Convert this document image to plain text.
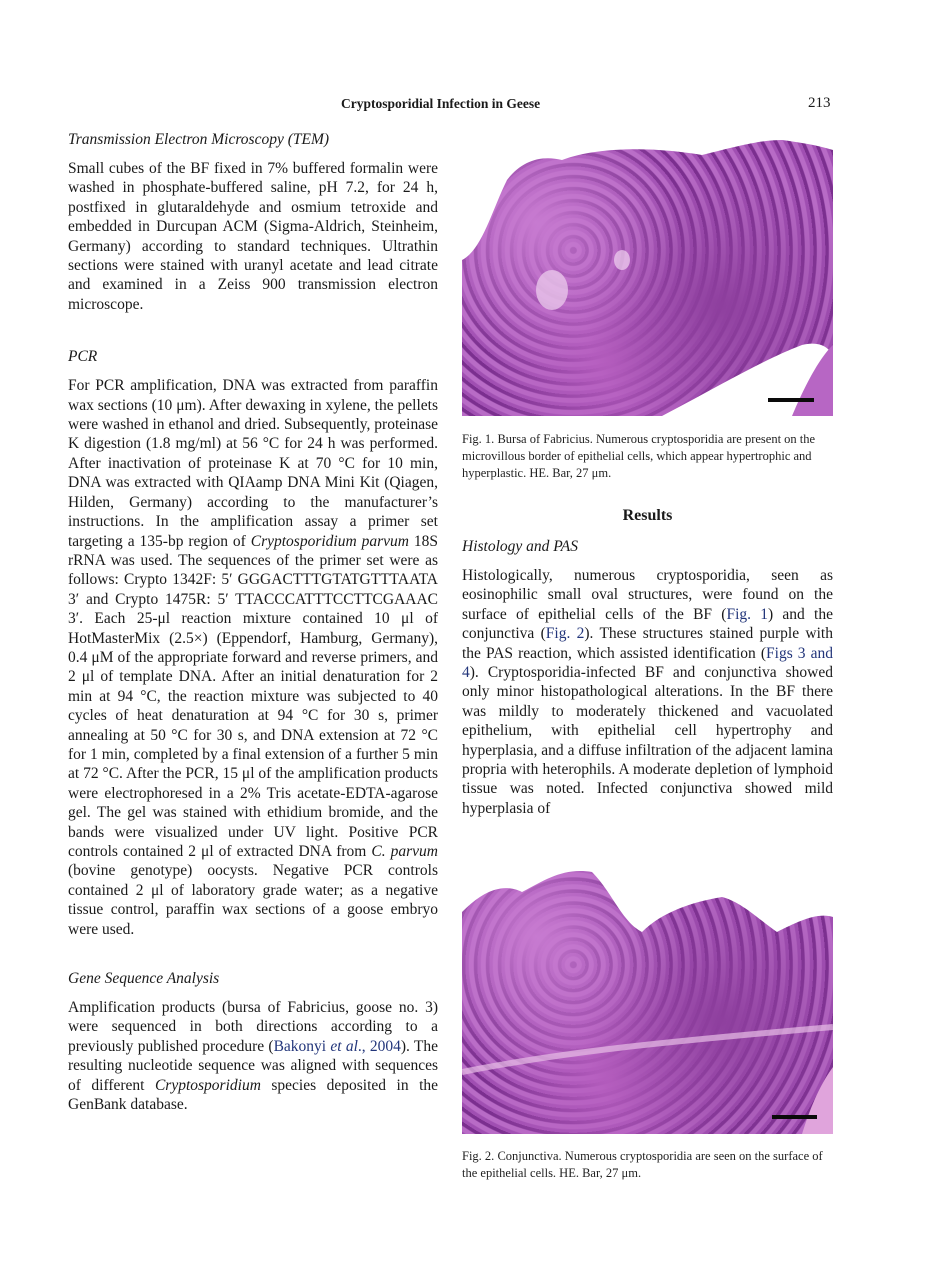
Cryptosporidial Infection in Geese	213
Transmission Electron Microscopy (TEM)

Small cubes of the BF fixed in 7% buffered formalin were washed in phosphate-buffered saline, pH 7.2, for 24 h, postfixed in glutaraldehyde and osmium tetroxide and embedded in Durcupan ACM (Sigma-Aldrich, Steinheim, Germany) according to standard techniques. Ultrathin sections were stained with uranyl acetate and lead citrate and examined in a Zeiss 900 transmission electron microscope.

PCR

For PCR amplification, DNA was extracted from paraffin wax sections (10 μm). After dewaxing in xylene, the pellets were washed in ethanol and dried. Subsequently, proteinase K digestion (1.8 mg/ml) at 56 °C for 24 h was performed. After inactivation of proteinase K at 70 °C for 10 min, DNA was extracted with QIAamp DNA Mini Kit (Qiagen, Hilden, Germany) according to the manufacturer’s instructions. In the amplification assay a primer set targeting a 135-bp region of Cryptosporidium parvum 18S rRNA was used. The sequences of the primer set were as follows: Crypto 1342F: 5′ GGGACTTTGTATGTTTAATA 3′ and Crypto 1475R: 5′ TTACCCATTTCCTTCGAAAC 3′. Each 25-μl reaction mixture contained 10 μl of HotMasterMix (2.5×) (Eppendorf, Hamburg, Germany), 0.4 μM of the appropriate forward and reverse primers, and 2 μl of template DNA. After an initial denaturation for 2 min at 94 °C, the reaction mixture was subjected to 40 cycles of heat denaturation at 94 °C for 30 s, primer annealing at 50 °C for 30 s, and DNA extension at 72 °C for 1 min, completed by a final extension of a further 5 min at 72 °C. After the PCR, 15 μl of the amplification products were electrophoresed in a 2% Tris acetate-EDTA-agarose gel. The gel was stained with ethidium bromide, and the bands were visualized under UV light. Positive PCR controls contained 2 μl of extracted DNA from C. parvum (bovine genotype) oocysts. Negative PCR controls contained 2 μl of laboratory grade water; as a negative tissue control, paraffin wax sections of a goose embryo were used.

Gene Sequence Analysis

Amplification products (bursa of Fabricius, goose no. 3) were sequenced in both directions according to a previously published procedure (Bakonyi et al., 2004). The resulting nucleotide sequence was aligned with sequences of different Cryptosporidium species deposited in the GenBank database.

Fig. 1. Bursa of Fabricius. Numerous cryptosporidia are present on the microvillous border of epithelial cells, which appear hypertrophic and hyperplastic. HE. Bar, 27 μm.
Results
Histology and PAS

Histologically, numerous cryptosporidia, seen as eosinophilic small oval structures, were found on the surface of epithelial cells of the BF (Fig. 1) and the conjunctiva (Fig. 2). These structures stained purple with the PAS reaction, which assisted identification (Figs 3 and 4). Cryptosporidia-infected BF and conjunctiva showed only minor histopathological alterations. In the BF there was mildly to moderately thickened and vacuolated epithelium, with epithelial cell hypertrophy and hyperplasia, and a diffuse infiltration of the adjacent lamina propria with heterophils. A moderate depletion of lymphoid tissue was noted. Infected conjunctiva showed mild hyperplasia of

Fig. 2. Conjunctiva. Numerous cryptosporidia are seen on the surface of the epithelial cells. HE. Bar, 27 μm.
